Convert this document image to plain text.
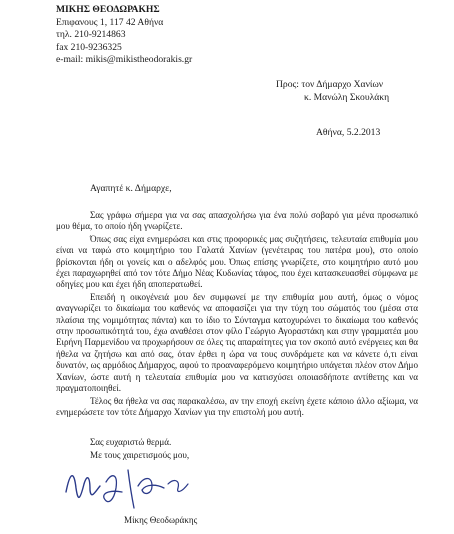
ΜΙΚΗΣ ΘΕΟΔΩΡΑΚΗΣ
Επιφανους 1, 117 42 Αθήνα
τηλ. 210-9214863
fax 210-9236325
e-mail: mikis@mikistheodorakis.gr
Προς: τον Δήμαρχο Χανίων
κ. Μανώλη Σκουλάκη
Αθήνα, 5.2.2013
Αγαπητέ κ. Δήμαρχε,

Σας γράφω σήμερα για να σας απασχολήσω για ένα πολύ σοβαρό για μένα προσωπικό μου θέμα, το οποίο ήδη γνωρίζετε.

Όπως σας είχα ενημερώσει και στις προφορικές μας συζητήσεις, τελευταία επιθυμία μου είναι να ταφώ στο κοιμητήριο του Γαλατά Χανίων (γενέτειρας του πατέρα μου), στο οποίο βρίσκονται ήδη οι γονείς και ο αδελφός μου. Όπως επίσης γνωρίζετε, στο κοιμητήριο αυτό μου έχει παραχωρηθεί από τον τότε Δήμο Νέας Κυδωνίας τάφος, που έχει κατασκευασθεί σύμφωνα με οδηγίες μου και έχει ήδη αποπερατωθεί.

Επειδή η οικογένειά μου δεν συμφωνεί με την επιθυμία μου αυτή, όμως ο νόμος αναγνωρίζει το δικαίωμα του καθενός να αποφασίζει για την τύχη του σώματός του (μέσα στα πλαίσια της νομιμότητας πάντα) και το ίδιο το Σύνταγμα κατοχυρώνει το δικαίωμα του καθενός στην προσωπικότητά του, έχω αναθέσει στον φίλο Γεώργιο Αγοραστάκη και στην γραμματέα μου Ειρήνη Παρμενίδου να προχωρήσουν σε όλες τις απαραίτητες για τον σκοπό αυτό ενέργειες και θα ήθελα να ζητήσω και από σας, όταν έρθει η ώρα να τους συνδράμετε και να κάνετε ό,τι είναι δυνατόν, ως αρμόδιος Δήμαρχος, αφού το προαναφερόμενο κοιμητήριο υπάγεται πλέον στον Δήμο Χανίων, ώστε αυτή η τελευταία επιθυμία μου να κατισχύσει οποιασδήποτε αντίθετης και να πραγματοποιηθεί.

Τέλος θα ήθελα να σας παρακαλέσω, αν την εποχή εκείνη έχετε κάποιο άλλο αξίωμα, να ενημερώσετε τον τότε Δήμαρχο Χανίων για την επιστολή μου αυτή.

Σας ευχαριστώ θερμά.
Με τους χαιρετισμούς μου,
Μίκης Θεοδωράκης
